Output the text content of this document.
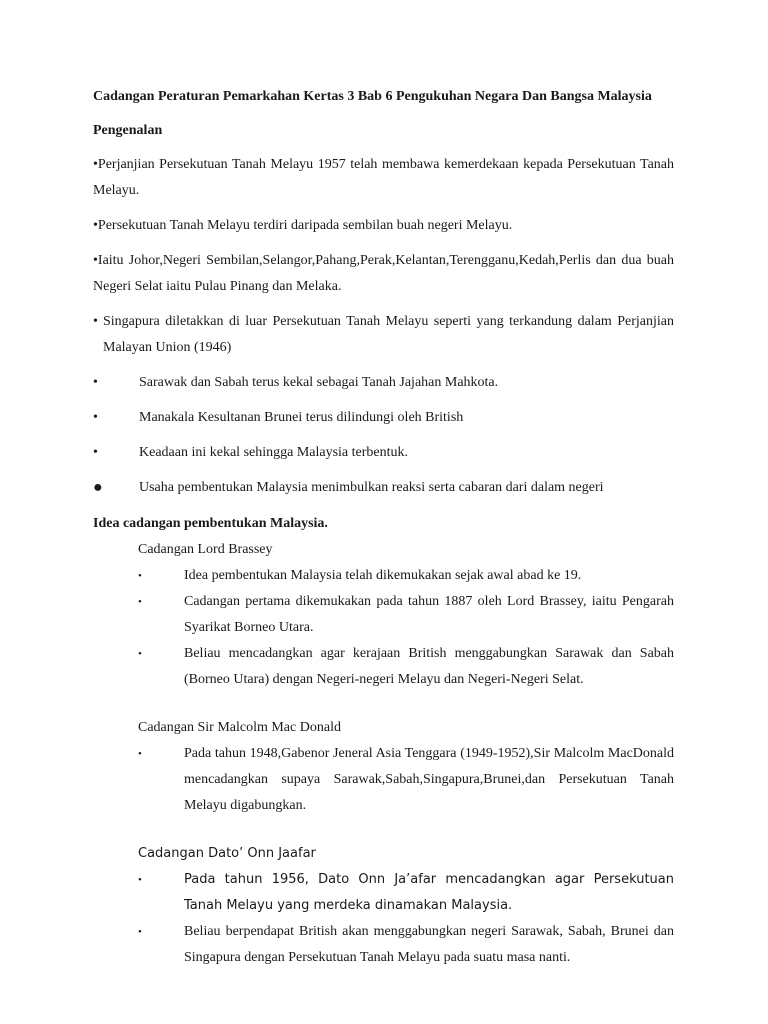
Cadangan Peraturan Pemarkahan Kertas 3 Bab 6 Pengukuhan Negara Dan Bangsa Malaysia
Pengenalan

•Perjanjian Persekutuan Tanah Melayu 1957 telah membawa kemerdekaan kepada Persekutuan Tanah Melayu.

•Persekutuan Tanah Melayu terdiri daripada sembilan buah negeri Melayu.

•Iaitu Johor,Negeri Sembilan,Selangor,Pahang,Perak,Kelantan,Terengganu,Kedah,Perlis dan dua buah Negeri Selat iaitu Pulau Pinang dan Melaka.

• Singapura diletakkan di luar Persekutuan Tanah Melayu seperti yang terkandung dalam Perjanjian Malayan Union (1946)
•	Sarawak dan Sabah terus kekal sebagai Tanah Jajahan Mahkota.
•	Manakala Kesultanan Brunei terus dilindungi oleh British
•	Keadaan ini kekal sehingga Malaysia terbentuk.
●	Usaha pembentukan Malaysia menimbulkan reaksi serta cabaran dari dalam negeri
Idea cadangan pembentukan Malaysia.
Cadangan Lord Brassey
•	Idea pembentukan Malaysia telah dikemukakan sejak awal abad ke 19.
•	Cadangan pertama dikemukakan pada tahun 1887 oleh Lord Brassey, iaitu Pengarah Syarikat Borneo Utara.
•	Beliau mencadangkan agar kerajaan British menggabungkan Sarawak dan Sabah (Borneo Utara) dengan Negeri-negeri Melayu dan Negeri-Negeri Selat.
Cadangan Sir Malcolm Mac Donald
•	Pada tahun 1948,Gabenor Jeneral Asia Tenggara (1949-1952),Sir Malcolm MacDonald mencadangkan supaya Sarawak,Sabah,Singapura,Brunei,dan Persekutuan Tanah Melayu digabungkan.
Cadangan Dato’ Onn Jaafar
•	Pada tahun 1956, Dato Onn Ja’afar mencadangkan agar Persekutuan Tanah Melayu yang merdeka dinamakan Malaysia.
•	Beliau berpendapat British akan menggabungkan negeri Sarawak, Sabah, Brunei dan Singapura dengan Persekutuan Tanah Melayu pada suatu masa nanti.
